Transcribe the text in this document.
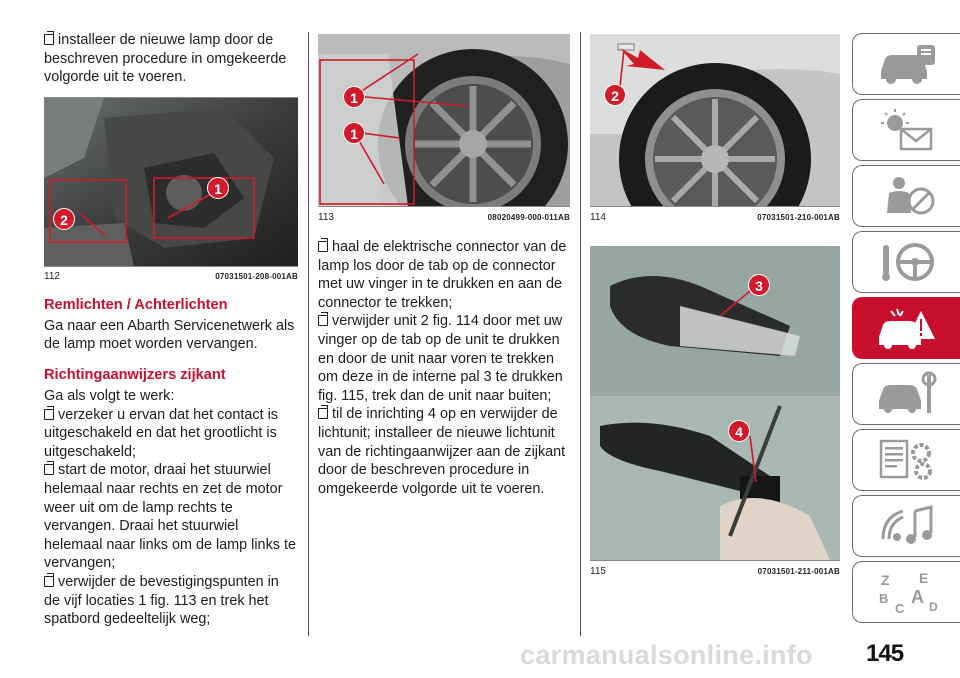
installeer de nieuwe lamp door de beschreven procedure in omgekeerde volgorde uit te voeren.

1
2
112	07031501-208-001AB
Remlichten / Achterlichten

Ga naar een Abarth Servicenetwerk als de lamp moet worden vervangen.

Richtingaanwijzers zijkant

Ga als volgt te werk:

verzeker u ervan dat het contact is uitgeschakeld en dat het grootlicht is uitgeschakeld;

start de motor, draai het stuurwiel helemaal naar rechts en zet de motor weer uit om de lamp rechts te vervangen. Draai het stuurwiel helemaal naar links om de lamp links te vervangen;

verwijder de bevestigingspunten in de vijf locaties 1 fig. 113 en trek het spatbord gedeeltelijk weg;

1
1
113	08020499-000-011AB

haal de elektrische connector van de lamp los door de tab op de connector met uw vinger in te drukken en aan de connector te trekken;

verwijder unit 2 fig. 114 door met uw vinger op de tab op de unit te drukken en door de unit naar voren te trekken om deze in de interne pal 3 te drukken fig. 115, trek dan de unit naar buiten;

til de inrichting 4 op en verwijder de lichtunit; installeer de nieuwe lichtunit van de richtingaanwijzer aan de zijkant door de beschreven procedure in omgekeerde volgorde uit te voeren.

2
114	07031501-210-001AB
3
4
115	07031501-211-001AB
Z E
A
B
C D
carmanualsonline.info 145
